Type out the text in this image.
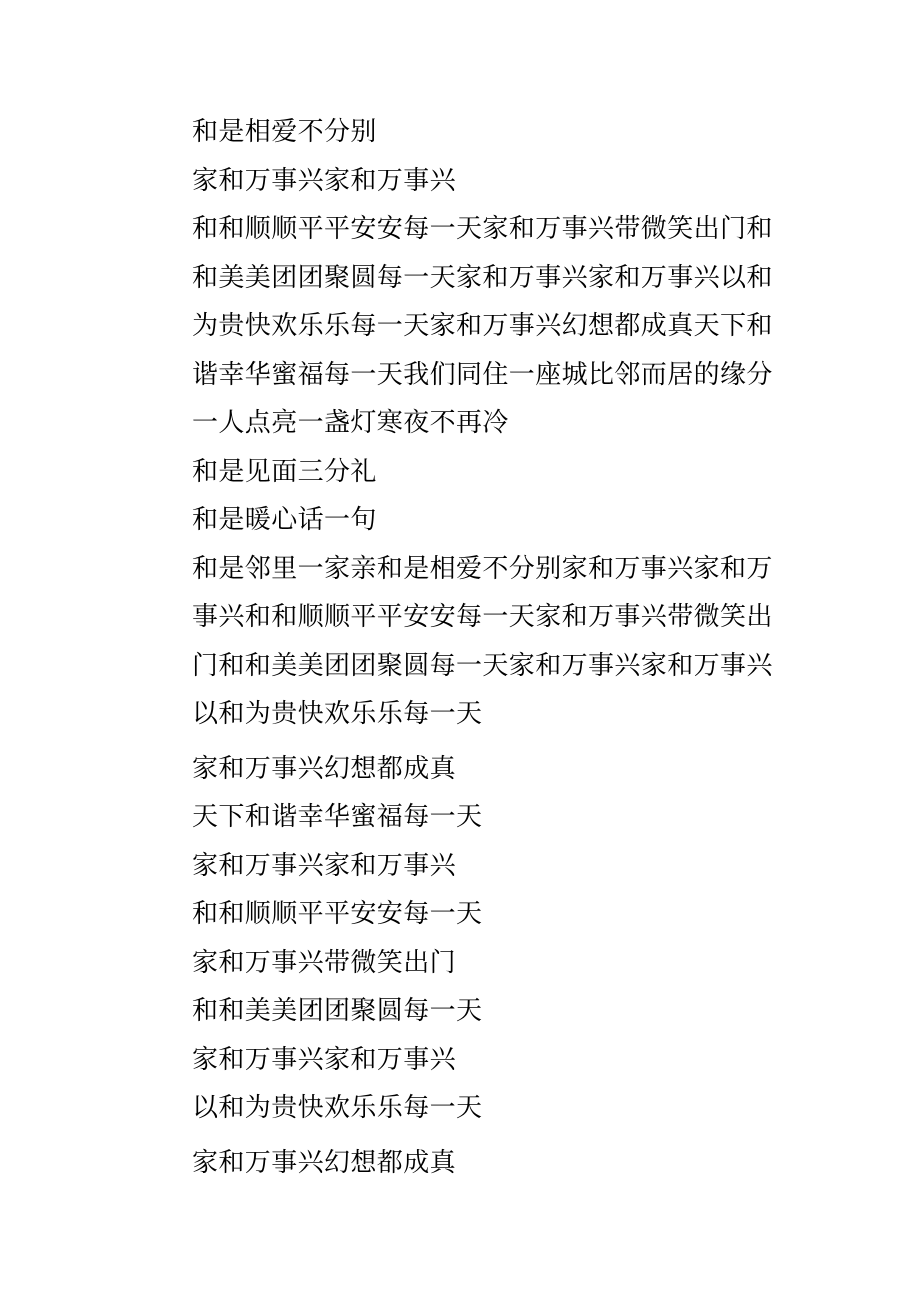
和是相爱不分别

家和万事兴家和万事兴

和和顺顺平平安安每一天家和万事兴带微笑出门和和美美团团聚圆每一天家和万事兴家和万事兴以和为贵快欢乐乐每一天家和万事兴幻想都成真天下和谐幸华蜜福每一天我们同住一座城比邻而居的缘分一人点亮一盏灯寒夜不再冷

和是见面三分礼

和是暖心话一句

和是邻里一家亲和是相爱不分别家和万事兴家和万事兴和和顺顺平平安安每一天家和万事兴带微笑出门和和美美团团聚圆每一天家和万事兴家和万事兴以和为贵快欢乐乐每一天

家和万事兴幻想都成真

天下和谐幸华蜜福每一天

家和万事兴家和万事兴

和和顺顺平平安安每一天

家和万事兴带微笑出门

和和美美团团聚圆每一天

家和万事兴家和万事兴

以和为贵快欢乐乐每一天

家和万事兴幻想都成真
